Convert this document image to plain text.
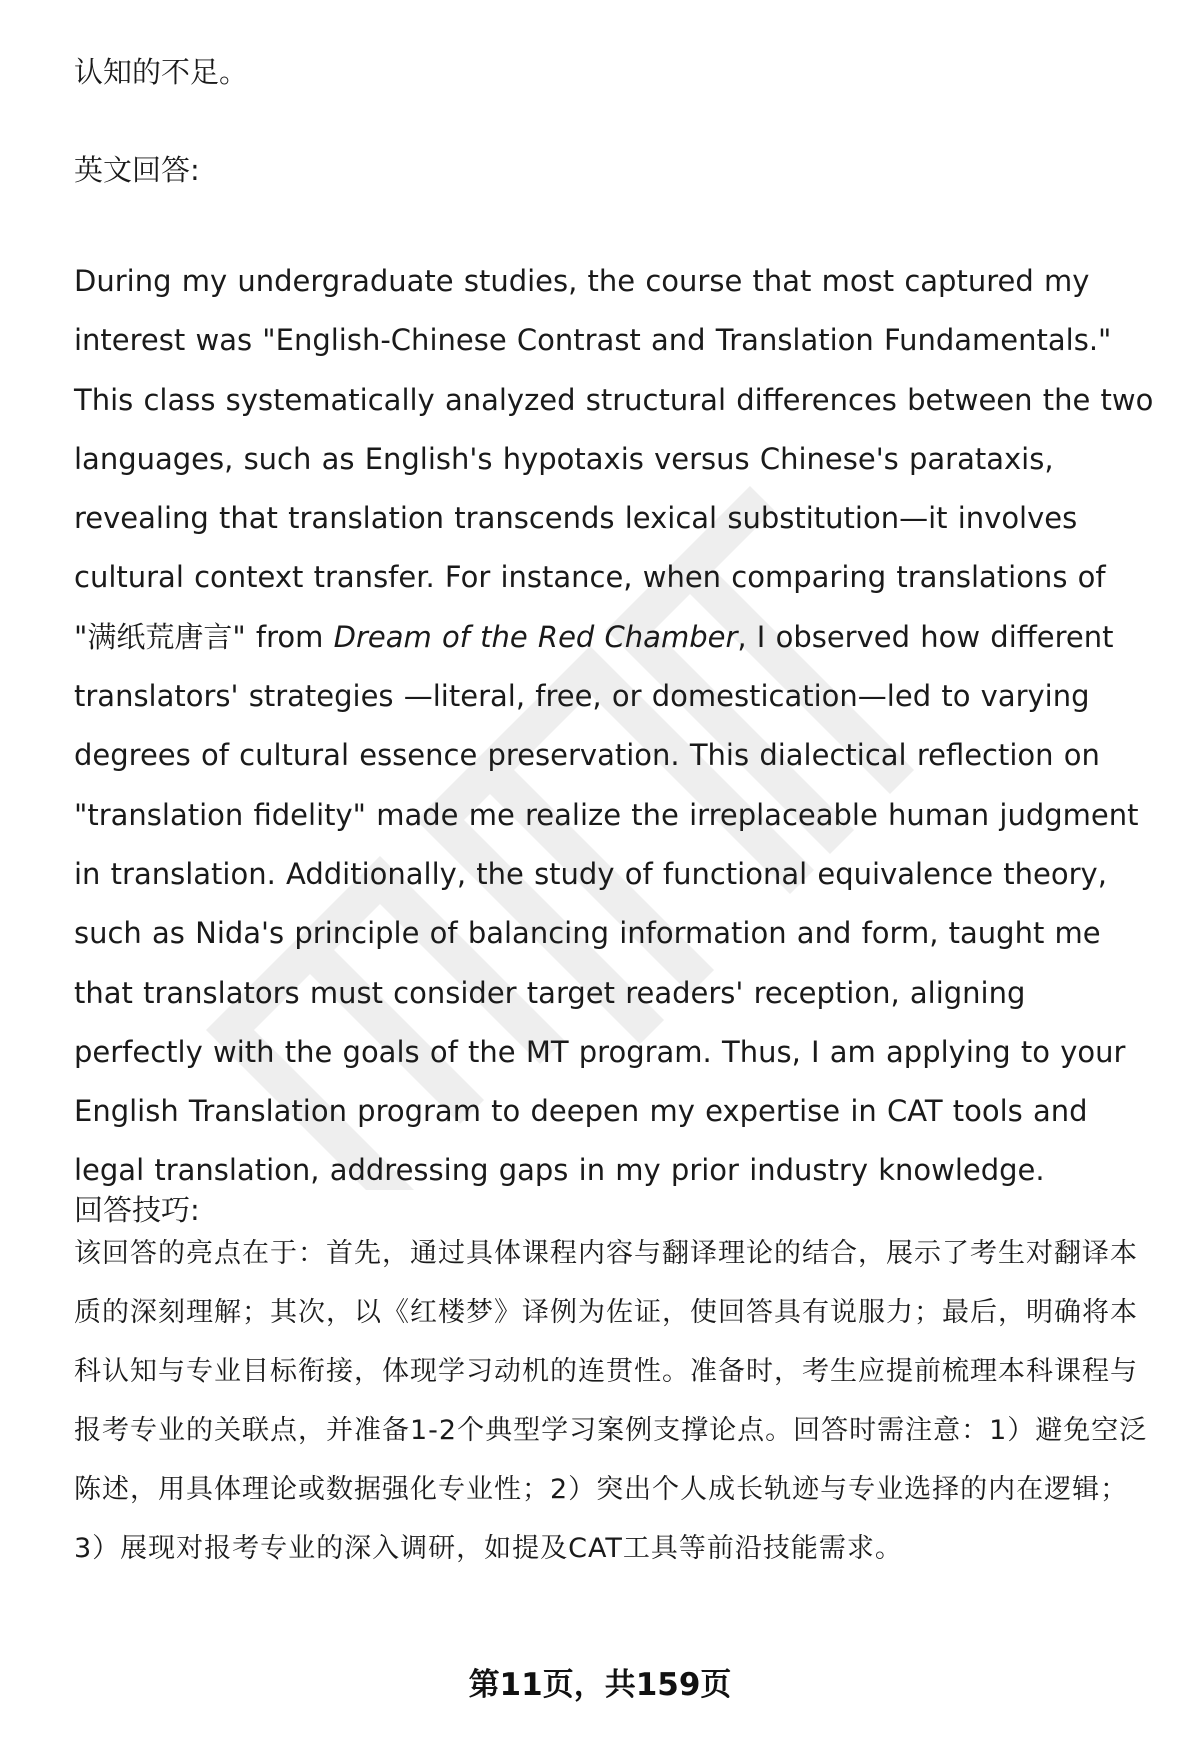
认知的不足。

英文回答:

During my undergraduate studies, the course that most captured my interest was "English-Chinese Contrast and Translation Fundamentals." This class systematically analyzed structural differences between the two languages, such as English's hypotaxis versus Chinese's parataxis, revealing that translation transcends lexical substitution—it involves cultural context transfer. For instance, when comparing translations of "满纸荒唐言" from Dream of the Red Chamber, I observed how different translators' strategies —literal, free, or domestication—led to varying degrees of cultural essence preservation. This dialectical reflection on "translation fidelity" made me realize the irreplaceable human judgment in translation. Additionally, the study of functional equivalence theory, such as Nida's principle of balancing information and form, taught me that translators must consider target readers' reception, aligning perfectly with the goals of the MT program. Thus, I am applying to your English Translation program to deepen my expertise in CAT tools and legal translation, addressing gaps in my prior industry knowledge.

回答技巧:

该回答的亮点在于：首先，通过具体课程内容与翻译理论的结合，展示了考生对翻译本质的深刻理解；其次，以《红楼梦》译例为佐证，使回答具有说服力；最后，明确将本科认知与专业目标衔接，体现学习动机的连贯性。准备时，考生应提前梳理本科课程与报考专业的关联点，并准备1-2个典型学习案例支撑论点。回答时需注意：1）避免空泛陈述，用具体理论或数据强化专业性；2）突出个人成长轨迹与专业选择的内在逻辑；3）展现对报考专业的深入调研，如提及CAT工具等前沿技能需求。

第11页，共159页
